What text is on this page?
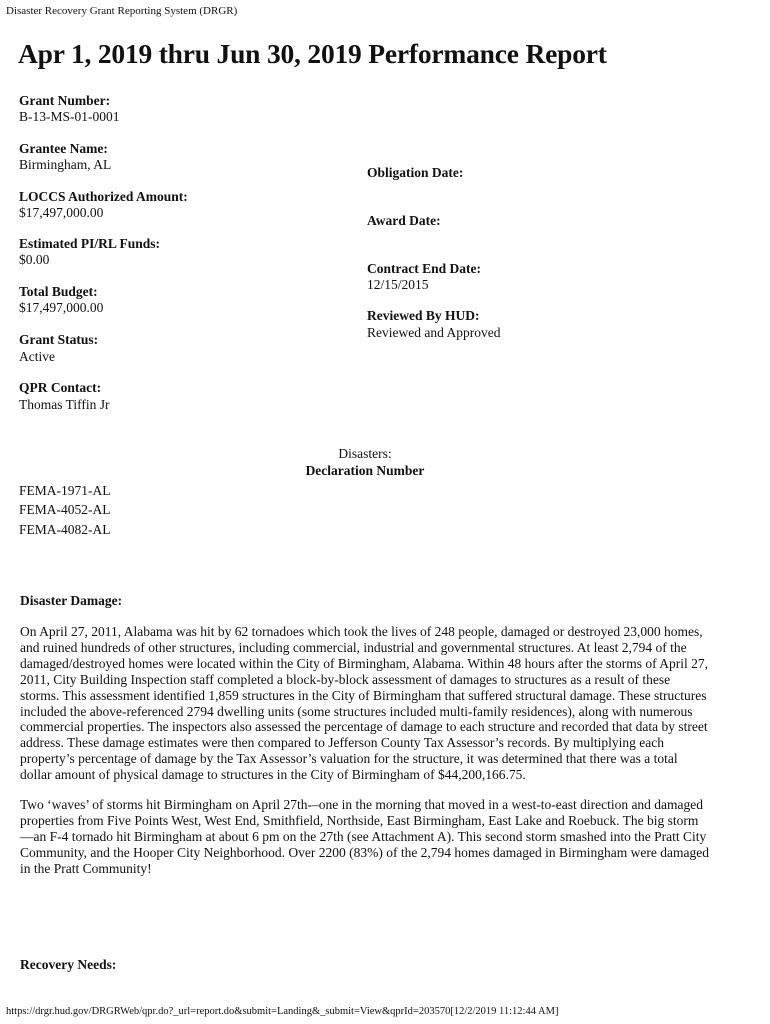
Disaster Recovery Grant Reporting System (DRGR)
Apr 1, 2019 thru Jun 30, 2019 Performance Report
Grant Number:
B-13-MS-01-0001
Grantee Name:
Birmingham, AL
LOCCS Authorized Amount:
$17,497,000.00
Estimated PI/RL Funds:
$0.00
Total Budget:
$17,497,000.00
Grant Status:
Active
QPR Contact:
Thomas Tiffin Jr
Obligation Date:
Award Date:
Contract End Date:
12/15/2015
Reviewed By HUD:
Reviewed and Approved
Disasters:
Declaration Number
FEMA-1971-AL
FEMA-4052-AL
FEMA-4082-AL
Disaster Damage:

On April 27, 2011, Alabama was hit by 62 tornadoes which took the lives of 248 people, damaged or destroyed 23,000 homes, and ruined hundreds of other structures, including commercial, industrial and governmental structures. At least 2,794 of the damaged/destroyed homes were located within the City of Birmingham, Alabama. Within 48 hours after the storms of April 27, 2011, City Building Inspection staff completed a block-by-block assessment of damages to structures as a result of these storms. This assessment identified 1,859 structures in the City of Birmingham that suffered structural damage. These structures included the above-referenced 2794 dwelling units (some structures included multi-family residences), along with numerous commercial properties. The inspectors also assessed the percentage of damage to each structure and recorded that data by street address. These damage estimates were then compared to Jefferson County Tax Assessor’s records. By multiplying each property’s percentage of damage by the Tax Assessor’s valuation for the structure, it was determined that there was a total dollar amount of physical damage to structures in the City of Birmingham of $44,200,166.75.

Two ‘waves’ of storms hit Birmingham on April 27th-–one in the morning that moved in a west-to-east direction and damaged properties from Five Points West, West End, Smithfield, Northside, East Birmingham, East Lake and Roebuck. The big storm—an F-4 tornado hit Birmingham at about 6 pm on the 27th (see Attachment A). This second storm smashed into the Pratt City Community, and the Hooper City Neighborhood. Over 2200 (83%) of the 2,794 homes damaged in Birmingham were damaged in the Pratt Community!

Recovery Needs:
https://drgr.hud.gov/DRGRWeb/qpr.do?_url=report.do&submit=Landing&_submit=View&qprId=203570[12/2/2019 11:12:44 AM]
